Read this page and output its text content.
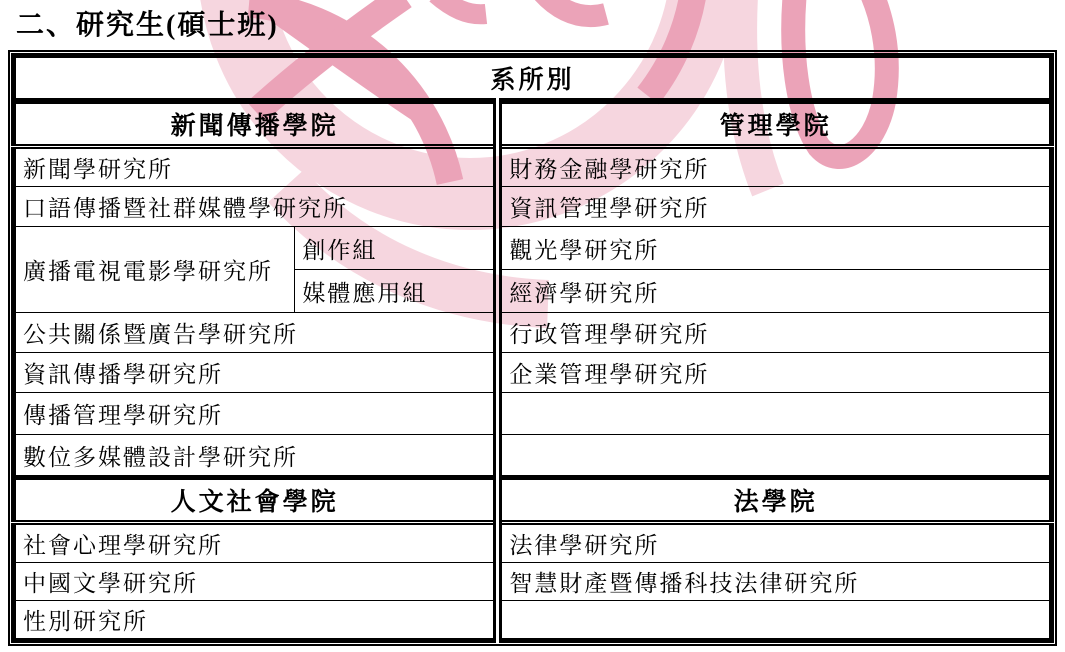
二、研究生(碩士班)
系所別		
新聞傳播學院		管理學院
新聞學研究所		財務金融學研究所
口語傳播暨社群媒體學研究所		資訊管理學研究所
廣播電視電影學研究所	創作組	觀光學研究所
	媒體應用組	經濟學研究所
公共關係暨廣告學研究所		行政管理學研究所
資訊傳播學研究所		企業管理學研究所
傳播管理學研究所		
數位多媒體設計學研究所		
人文社會學院		法學院
社會心理學研究所		法律學研究所
中國文學研究所		智慧財產暨傳播科技法律研究所
性別研究所		
